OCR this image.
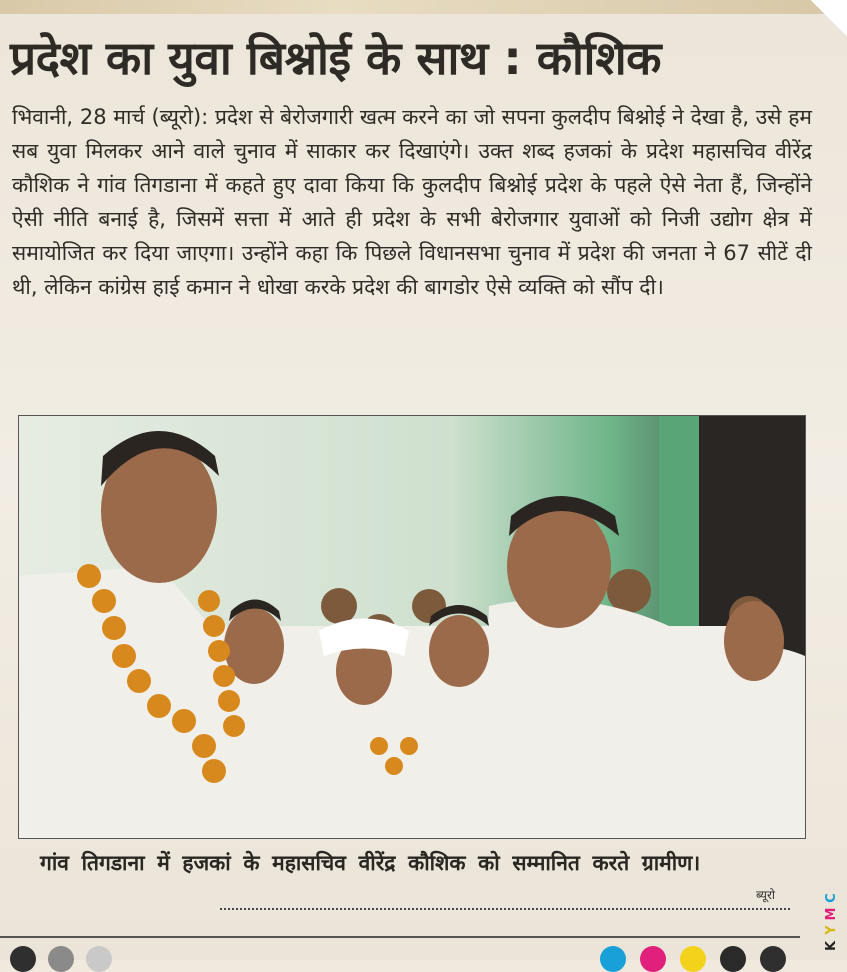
प्रदेश का युवा बिश्नोई के साथ : कौशिक
भिवानी, 28 मार्च (ब्यूरो): प्रदेश से बेरोजगारी खत्म करने का जो सपना कुलदीप बिश्नोई ने देखा है, उसे हम सब युवा मिलकर आने वाले चुनाव में साकार कर दिखाएंगे। उक्त शब्द हजकां के प्रदेश महासचिव वीरेंद्र कौशिक ने गांव तिगडाना में कहते हुए दावा किया कि कुलदीप बिश्नोई प्रदेश के पहले ऐसे नेता हैं, जिन्होंने ऐसी नीति बनाई है, जिसमें सत्ता में आते ही प्रदेश के सभी बेरोजगार युवाओं को निजी उद्योग क्षेत्र में समायोजित कर दिया जाएगा। उन्होंने कहा कि पिछले विधानसभा चुनाव में प्रदेश की जनता ने 67 सीटें दी थी, लेकिन कांग्रेस हाई कमान ने धोखा करके प्रदेश की बागडोर ऐसे व्यक्ति को सौंप दी।
गांव तिगडाना में हजकां के महासचिव वीरेंद्र कौशिक को सम्मानित करते ग्रामीण।
ब्यूरो	C
M
Y
K
